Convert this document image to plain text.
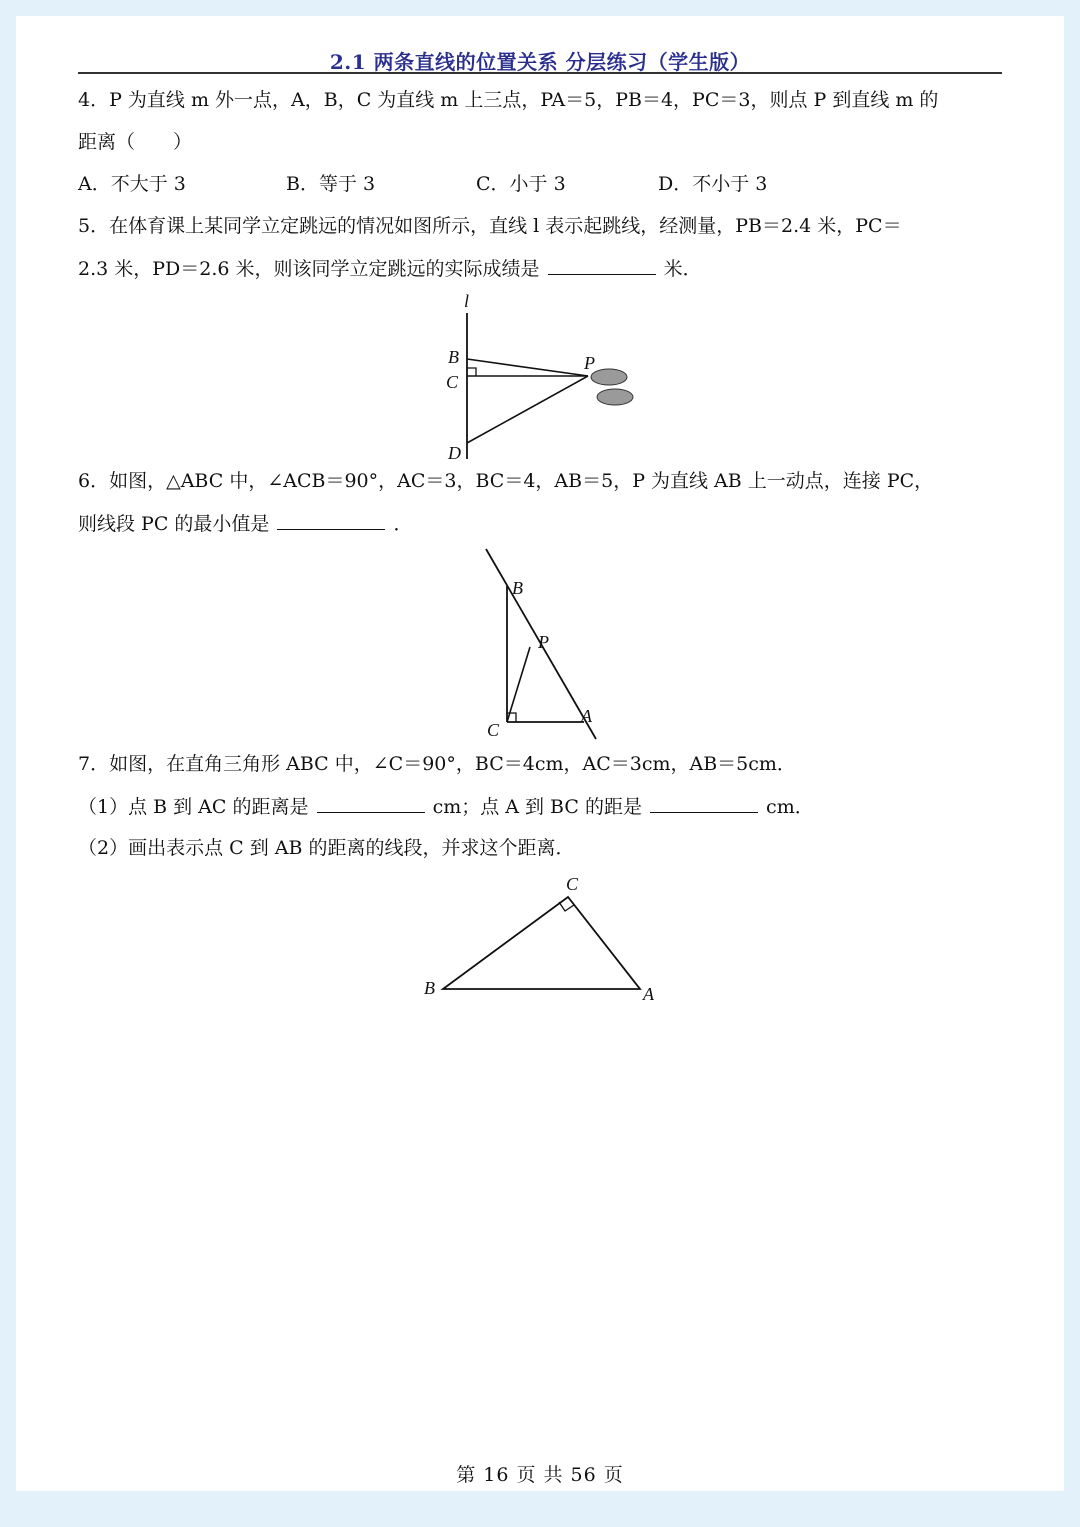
2.1 两条直线的位置关系 分层练习（学生版）
4．P 为直线 m 外一点，A，B，C 为直线 m 上三点，PA＝5，PB＝4，PC＝3，则点 P 到直线 m 的
距离（　　）
A．不大于 3	B．等于 3	C．小于 3	D．不小于 3
5．在体育课上某同学立定跳远的情况如图所示，直线 l 表示起跳线，经测量，PB＝2.4 米，PC＝
2.3 米，PD＝2.6 米，则该同学立定跳远的实际成绩是	米．
l
B
C
D
P
6．如图，△ABC 中，∠ACB＝90°，AC＝3，BC＝4，AB＝5，P 为直线 AB 上一动点，连接 PC，
则线段 PC 的最小值是	．
B
P
C
A
7．如图，在直角三角形 ABC 中，∠C＝90°，BC＝4cm，AC＝3cm，AB＝5cm．
（1）点 B 到 AC 的距离是	cm；点 A 到 BC 的距是	cm．
（2）画出表示点 C 到 AB 的距离的线段，并求这个距离．
C
B	A
第 16 页 共 56 页
